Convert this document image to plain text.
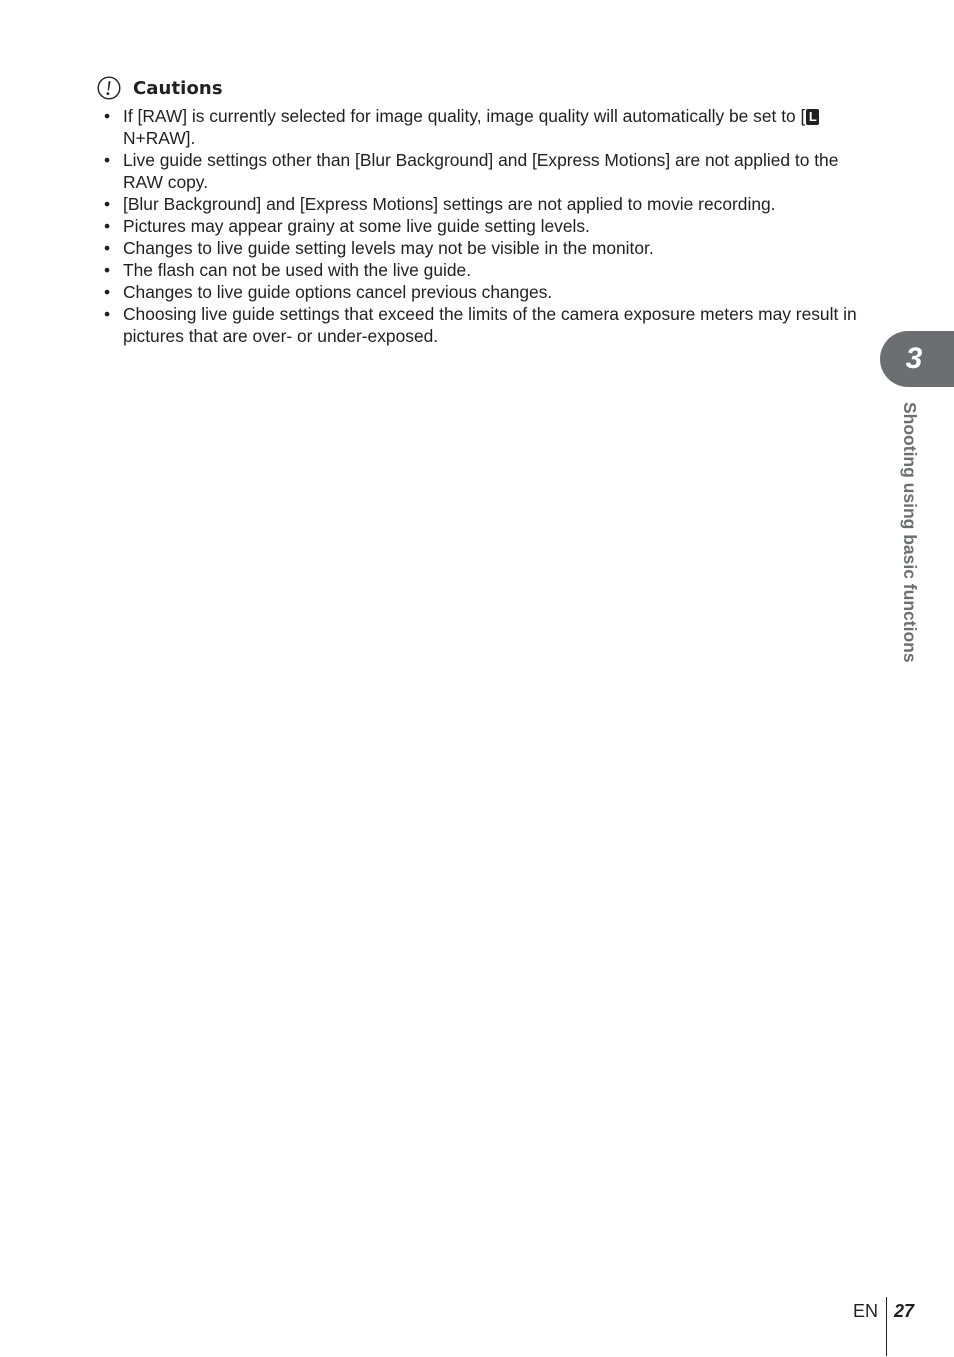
Cautions
• If [RAW] is currently selected for image quality, image quality will automatically be set to [ LN+RAW].
• Live guide settings other than [Blur Background] and [Express Motions] are not applied to the RAW copy.
• [Blur Background] and [Express Motions] settings are not applied to movie recording.
• Pictures may appear grainy at some live guide setting levels.
• Changes to live guide setting levels may not be visible in the monitor.
• The flash can not be used with the live guide.
• Changes to live guide options cancel previous changes.
• Choosing live guide settings that exceed the limits of the camera exposure meters may result in pictures that are over- or under-exposed.
3
Shooting using basic functions
EN 27
